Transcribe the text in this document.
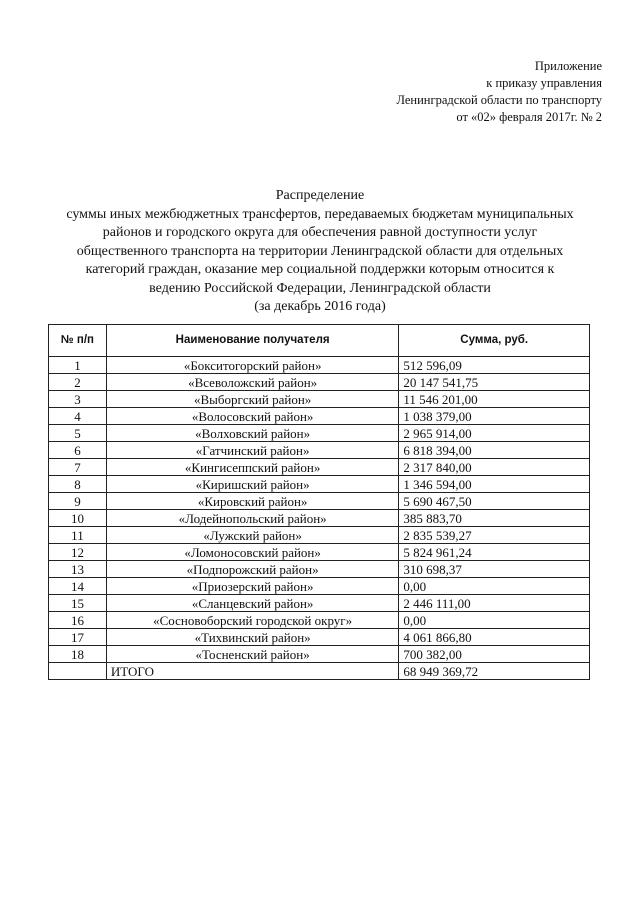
Приложение
к приказу управления
Ленинградской области по транспорту
от «02» февраля 2017г. № 2
Распределение
суммы иных межбюджетных трансфертов, передаваемых бюджетам муниципальных
районов и городского округа для обеспечения равной доступности услуг
общественного транспорта на территории Ленинградской области для отдельных
категорий граждан, оказание мер социальной поддержки которым относится к
ведению Российской Федерации, Ленинградской области
(за декабрь 2016 года)
№ п/п	Наименование получателя	Сумма, руб.
1	«Бокситогорский район»	512 596,09
2	«Всеволожский район»	20 147 541,75
3	«Выборгский район»	11 546 201,00
4	«Волосовский район»	1 038 379,00
5	«Волховский район»	2 965 914,00
6	«Гатчинский район»	6 818 394,00
7	«Кингисеппский район»	2 317 840,00
8	«Киришский район»	1 346 594,00
9	«Кировский район»	5 690 467,50
10	«Лодейнопольский район»	385 883,70
11	«Лужский район»	2 835 539,27
12	«Ломоносовский район»	5 824 961,24
13	«Подпорожский район»	310 698,37
14	«Приозерский район»	0,00
15	«Сланцевский район»	2 446 111,00
16	«Сосновоборский городской округ»	0,00
17	«Тихвинский район»	4 061 866,80
18	«Тосненский район»	700 382,00
	ИТОГО	68 949 369,72
